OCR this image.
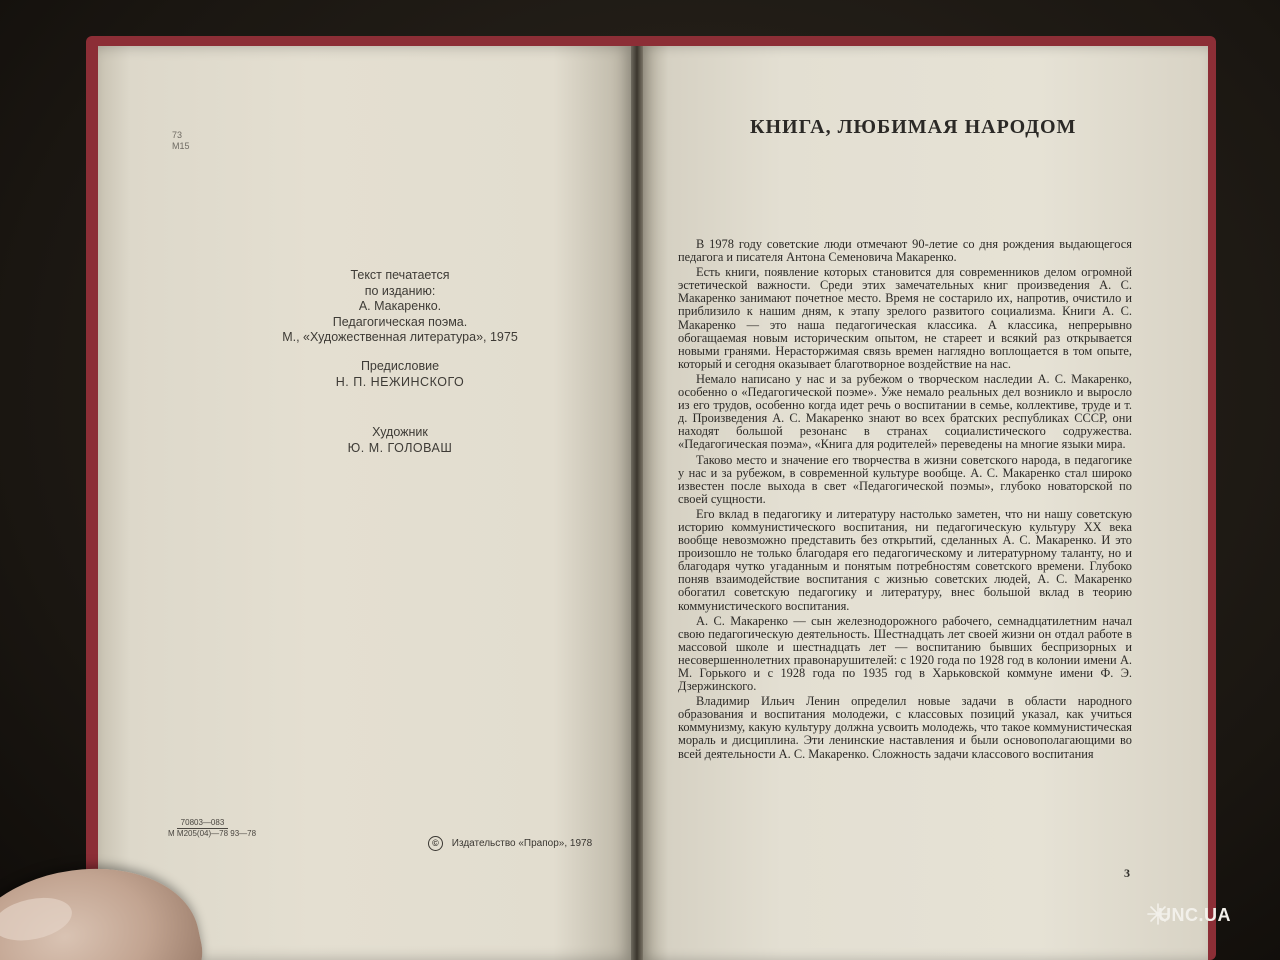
73
М15
Текст печатается
по изданию:
А. Макаренко.
Педагогическая поэма.
М., «Художественная литература», 1975
Предисловие
Н. П. НЕЖИНСКОГО
Художник
Ю. М. ГОЛОВАШ
М
70803—083
М205(04)—78 93—78
© Издательство «Прапор», 1978
КНИГА, ЛЮБИМАЯ НАРОДОМ

В 1978 году советские люди отмечают 90-летие со дня рождения выдающегося педагога и писателя Антона Семеновича Макаренко.

Есть книги, появление которых становится для современников делом огромной эстетической важности. Среди этих замечательных книг произведения А. С. Макаренко занимают почетное место. Время не состарило их, напротив, очистило и приблизило к нашим дням, к этапу зрелого развитого социализма. Книги А. С. Макаренко — это наша педагогическая классика. А классика, непрерывно обогащаемая новым историческим опытом, не стареет и всякий раз открывается новыми гранями. Нерасторжимая связь времен наглядно воплощается в том опыте, который и сегодня оказывает благотворное воздействие на нас.

Немало написано у нас и за рубежом о творческом наследии А. С. Макаренко, особенно о «Педагогической поэме». Уже немало реальных дел возникло и выросло из его трудов, особенно когда идет речь о воспитании в семье, коллективе, труде и т. д. Произведения А. С. Макаренко знают во всех братских республиках СССР, они находят большой резонанс в странах социалистического содружества. «Педагогическая поэма», «Книга для родителей» переведены на многие языки мира.

Таково место и значение его творчества в жизни советского народа, в педагогике у нас и за рубежом, в современной культуре вообще. А. С. Макаренко стал широко известен после выхода в свет «Педагогической поэмы», глубоко новаторской по своей сущности.

Его вклад в педагогику и литературу настолько заметен, что ни нашу советскую историю коммунистического воспитания, ни педагогическую культуру XX века вообще невозможно представить без открытий, сделанных А. С. Макаренко. И это произошло не только благодаря его педагогическому и литературному таланту, но и благодаря чутко угаданным и понятым потребностям советского времени. Глубоко поняв взаимодействие воспитания с жизнью советских людей, А. С. Макаренко обогатил советскую педагогику и литературу, внес большой вклад в теорию коммунистического воспитания.

А. С. Макаренко — сын железнодорожного рабочего, семнадцатилетним начал свою педагогическую деятельность. Шестнадцать лет своей жизни он отдал работе в массовой школе и шестнадцать лет — воспитанию бывших беспризорных и несовершеннолетних правонарушителей: с 1920 года по 1928 год в колонии имени А. М. Горького и с 1928 года по 1935 год в Харьковской коммуне имени Ф. Э. Дзержинского.

Владимир Ильич Ленин определил новые задачи в области народного образования и воспитания молодежи, с классовых позиций указал, как учиться коммунизму, какую культуру должна усвоить молодежь, что такое коммунистическая мораль и дисциплина. Эти ленинские наставления и были основополагающими во всей деятельности А. С. Макаренко. Сложность задачи классового воспитания

3
UNC.UA
